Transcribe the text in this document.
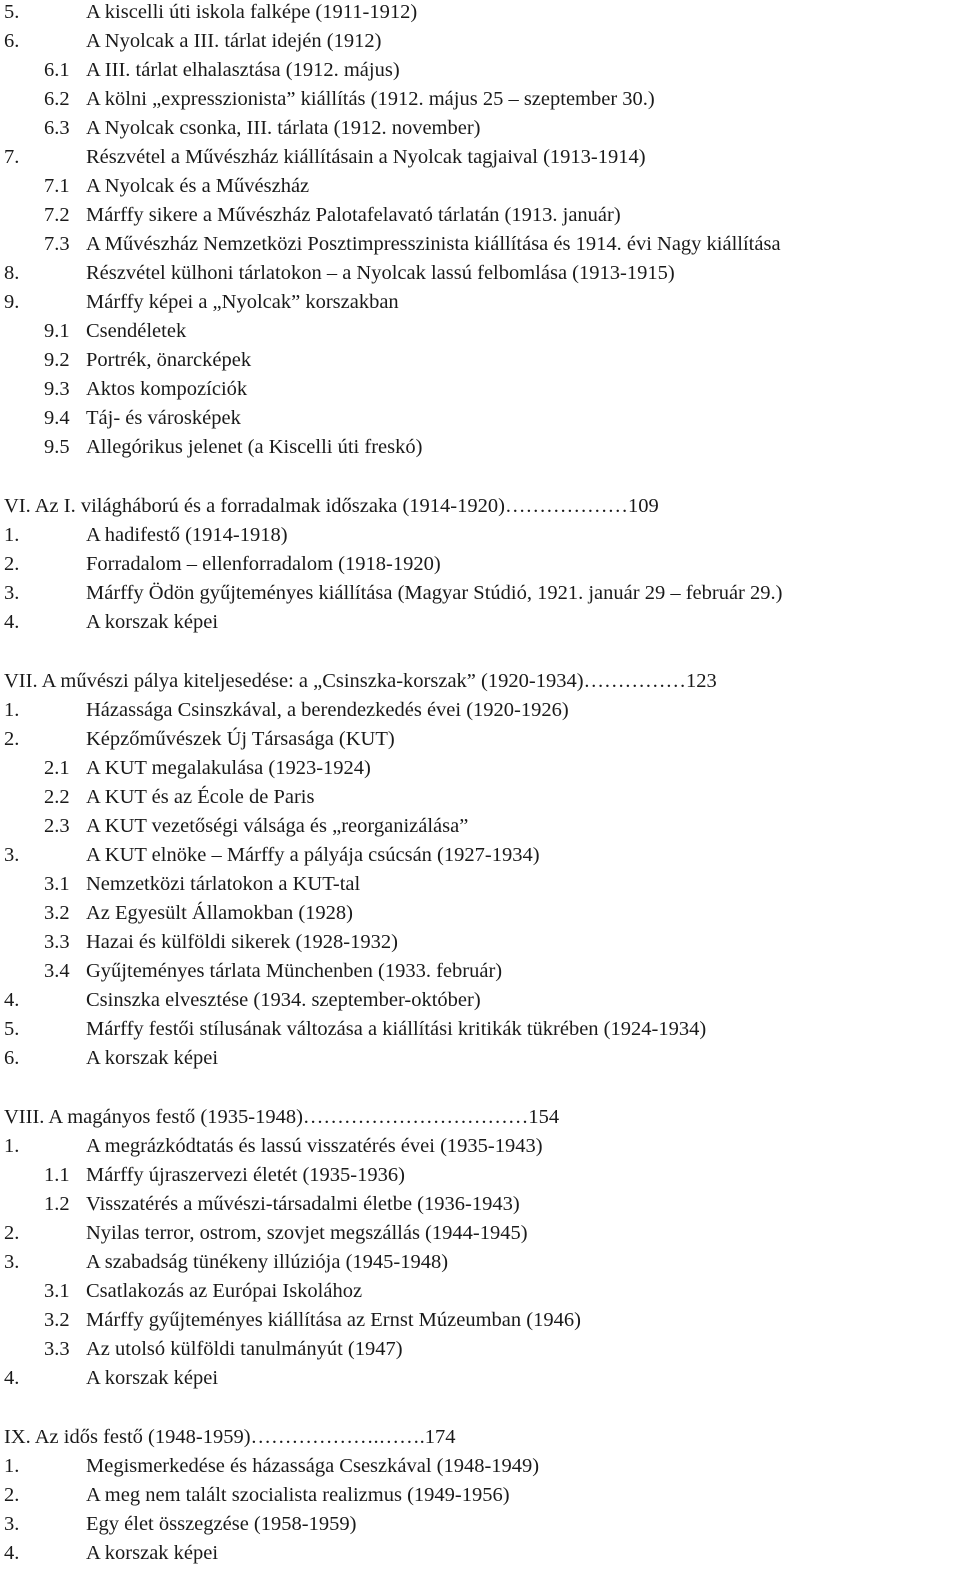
5.	A kiscelli úti iskola falképe (1911-1912)
6.	A Nyolcak a III. tárlat idején (1912)
6.1 A III. tárlat elhalasztása (1912. május)
6.2 A kölni „expresszionista” kiállítás (1912. május 25 – szeptember 30.)
6.3 A Nyolcak csonka, III. tárlata (1912. november)
7.	Részvétel a Művészház kiállításain a Nyolcak tagjaival (1913-1914)
7.1 A Nyolcak és a Művészház
7.2 Márffy sikere a Művészház Palotafelavató tárlatán (1913. január)
7.3 A Művészház Nemzetközi Posztimpresszinista kiállítása és 1914. évi Nagy kiállítása
8.	Részvétel külhoni tárlatokon – a Nyolcak lassú felbomlása (1913-1915)
9.	Márffy képei a „Nyolcak” korszakban
9.1 Csendéletek
9.2 Portrék, önarcképek
9.3 Aktos kompozíciók
9.4 Táj- és városképek
9.5 Allegórikus jelenet (a Kiscelli úti freskó)
VI. Az I. világháború és a forradalmak időszaka (1914-1920)………………109
1.	A hadifestő (1914-1918)
2.	Forradalom – ellenforradalom (1918-1920)
3.	Márffy Ödön gyűjteményes kiállítása (Magyar Stúdió, 1921. január 29 – február 29.)
4.	A korszak képei
VII. A művészi pálya kiteljesedése: a „Csinszka-korszak” (1920-1934)……………123
1.	Házassága Csinszkával, a berendezkedés évei (1920-1926)
2.	Képzőművészek Új Társasága (KUT)
2.1 A KUT megalakulása (1923-1924)
2.2 A KUT és az École de Paris
2.3 A KUT vezetőségi válsága és „reorganizálása”
3.	A KUT elnöke – Márffy a pályája csúcsán (1927-1934)
3.1 Nemzetközi tárlatokon a KUT-tal
3.2 Az Egyesült Államokban (1928)
3.3 Hazai és külföldi sikerek (1928-1932)
3.4 Gyűjteményes tárlata Münchenben (1933. február)
4.	Csinszka elvesztése (1934. szeptember-október)
5.	Márffy festői stílusának változása a kiállítási kritikák tükrében (1924-1934)
6.	A korszak képei
VIII. A magányos festő (1935-1948)……………………………154
1.	A megrázkódtatás és lassú visszatérés évei (1935-1943)
1.1 Márffy újraszervezi életét (1935-1936)
1.2 Visszatérés a művészi-társadalmi életbe (1936-1943)
2.	Nyilas terror, ostrom, szovjet megszállás (1944-1945)
3.	A szabadság tünékeny illúziója (1945-1948)
3.1 Csatlakozás az Európai Iskolához
3.2 Márffy gyűjteményes kiállítása az Ernst Múzeumban (1946)
3.3 Az utolsó külföldi tanulmányút (1947)
4.	A korszak képei
IX. Az idős festő (1948-1959)……………….…….174
1.	Megismerkedése és házassága Cseszkával (1948-1949)
2.	A meg nem talált szocialista realizmus (1949-1956)
3.	Egy élet összegzése (1958-1959)
4.	A korszak képei
